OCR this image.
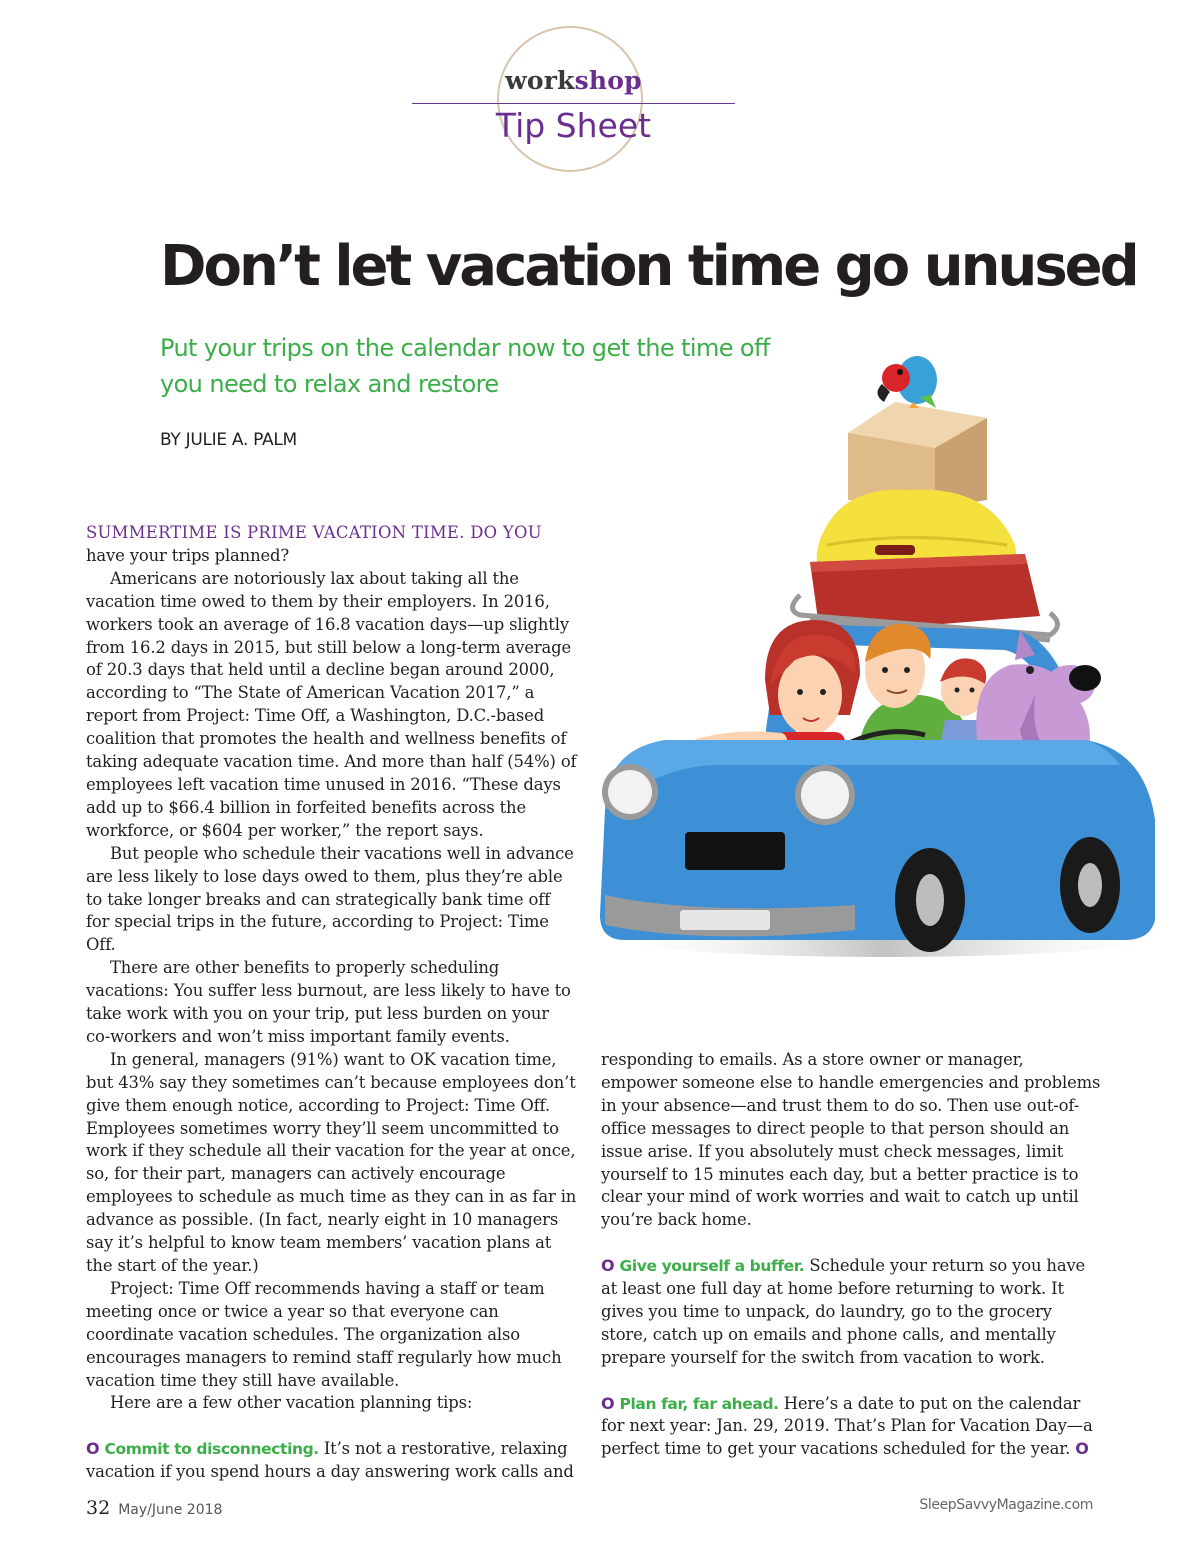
workshop
Tip Sheet
Don’t let vacation time go unused
Put your trips on the calendar now to get the time off
you need to relax and restore
BY JULIE A. PALM

SUMMERTIME IS PRIME VACATION TIME. DO YOU
have your trips planned?

Americans are notoriously lax about taking all the vacation time owed to them by their employers. In 2016, workers took an average of 16.8 vacation days—up slightly from 16.2 days in 2015, but still below a long-term average of 20.3 days that held until a decline began around 2000, according to “The State of American Vacation 2017,” a report from Project: Time Off, a Washington, D.C.-based coalition that promotes the health and wellness benefits of taking adequate vacation time. And more than half (54%) of employees left vacation time unused in 2016. “These days add up to $66.4 billion in forfeited benefits across the workforce, or $604 per worker,” the report says.

But people who schedule their vacations well in advance are less likely to lose days owed to them, plus they’re able to take longer breaks and can strategically bank time off for special trips in the future, according to Project: Time Off.

There are other benefits to properly scheduling vacations: You suffer less burnout, are less likely to have to take work with you on your trip, put less burden on your co-workers and won’t miss important family events.

In general, managers (91%) want to OK vacation time, but 43% say they sometimes can’t because employees don’t give them enough notice, according to Project: Time Off. Employees sometimes worry they’ll seem uncommitted to work if they schedule all their vacation for the year at once, so, for their part, managers can actively encourage employees to schedule as much time as they can in as far in advance as possible. (In fact, nearly eight in 10 managers say it’s helpful to know team members’ vacation plans at the start of the year.)

Project: Time Off recommends having a staff or team meeting once or twice a year so that everyone can coordinate vacation schedules. The organization also encourages managers to remind staff regularly how much vacation time they still have available.

Here are a few other vacation planning tips:

O Commit to disconnecting. It’s not a restorative, relaxing vacation if you spend hours a day answering work calls and

responding to emails. As a store owner or manager, empower someone else to handle emergencies and problems in your absence—and trust them to do so. Then use out-of-office messages to direct people to that person should an issue arise. If you absolutely must check messages, limit yourself to 15 minutes each day, but a better practice is to clear your mind of work worries and wait to catch up until you’re back home.

O Give yourself a buffer. Schedule your return so you have at least one full day at home before returning to work. It gives you time to unpack, do laundry, go to the grocery store, catch up on emails and phone calls, and mentally prepare yourself for the switch from vacation to work.

O Plan far, far ahead. Here’s a date to put on the calendar for next year: Jan. 29, 2019. That’s Plan for Vacation Day—a perfect time to get your vacations scheduled for the year. O

32 May/June 2018	SleepSavvyMagazine.com
